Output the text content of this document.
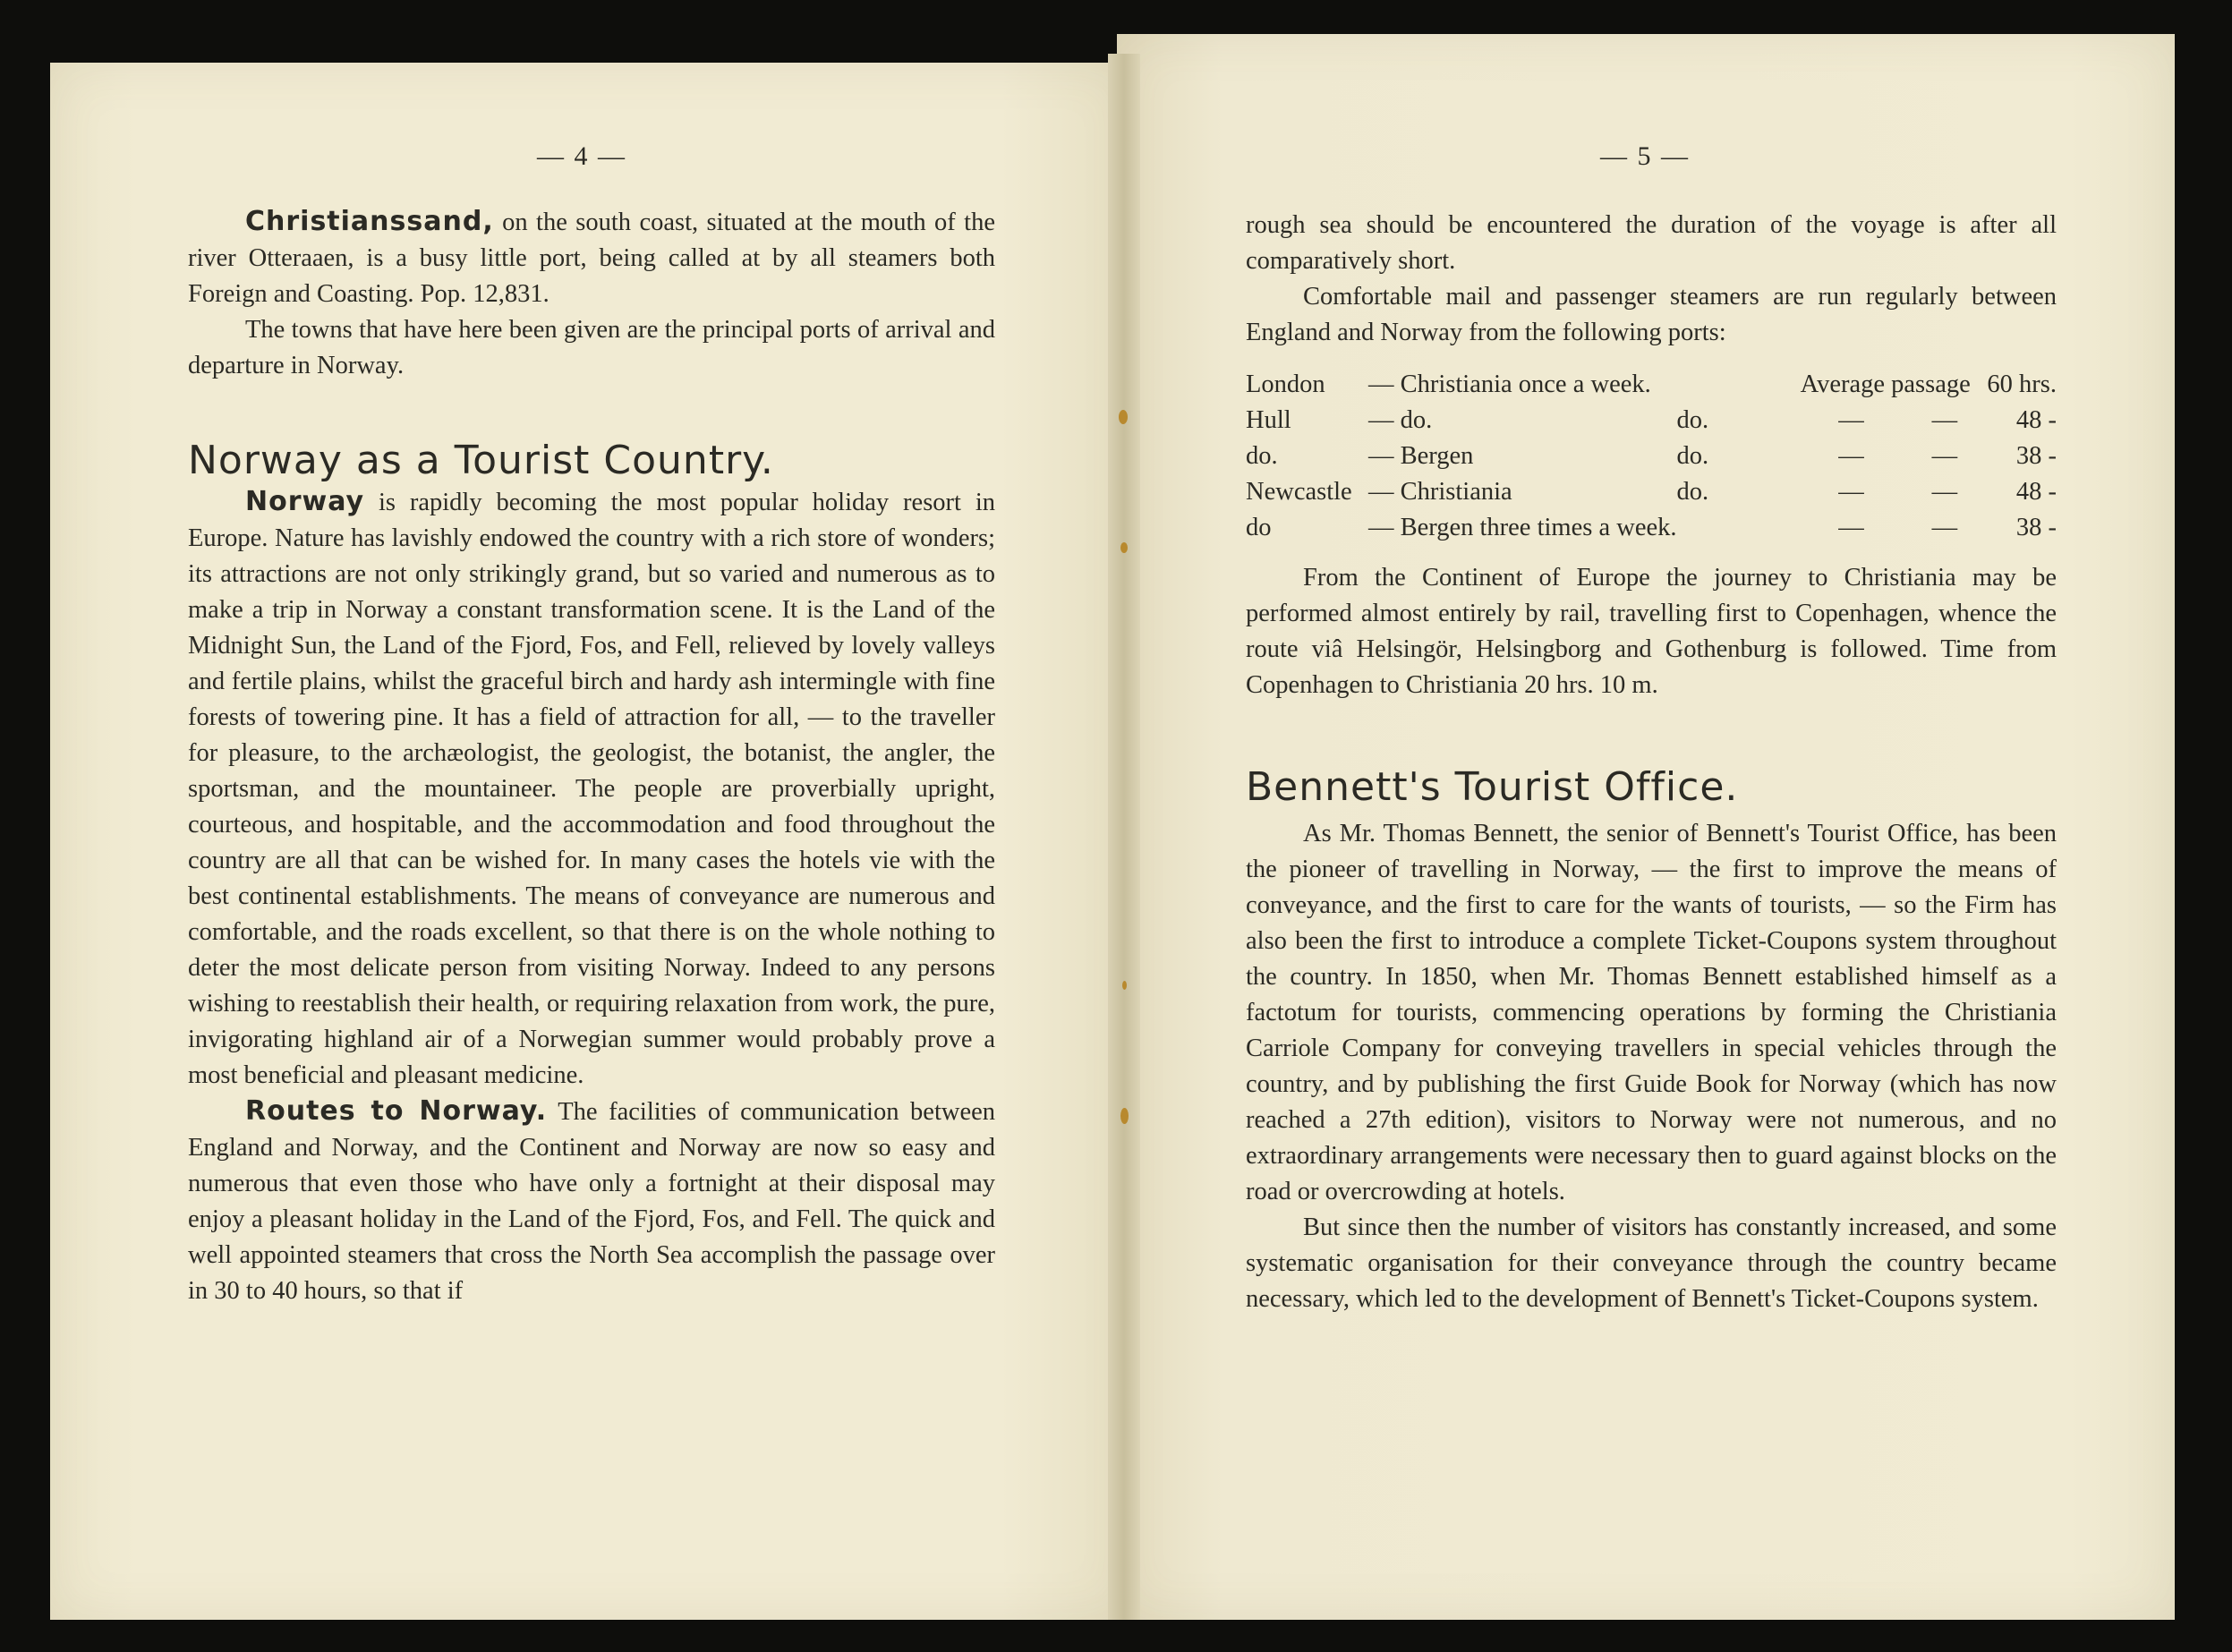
— 4 —

Christianssand, on the south coast, situated at the mouth of the river Otteraaen, is a busy little port, being called at by all steamers both Foreign and Coasting. Pop. 12,831.

The towns that have here been given are the principal ports of arrival and departure in Norway.

Norway as a Tourist Country.

Norway is rapidly becoming the most popular holiday resort in Europe. Nature has lavishly endowed the country with a rich store of wonders; its attractions are not only strikingly grand, but so varied and numerous as to make a trip in Norway a constant transformation scene. It is the Land of the Midnight Sun, the Land of the Fjord, Fos, and Fell, relieved by lovely valleys and fertile plains, whilst the graceful birch and hardy ash intermingle with fine forests of towering pine. It has a field of attraction for all, — to the traveller for pleasure, to the archæologist, the geologist, the botanist, the angler, the sportsman, and the mountaineer. The people are proverbially upright, courteous, and hospitable, and the accommodation and food throughout the country are all that can be wished for. In many cases the hotels vie with the best continental establishments. The means of conveyance are numerous and comfortable, and the roads excellent, so that there is on the whole nothing to deter the most delicate person from visiting Norway. Indeed to any persons wishing to reestablish their health, or requiring relaxation from work, the pure, invigorating highland air of a Norwegian summer would probably prove a most beneficial and pleasant medicine.

Routes to Norway. The facilities of communication between England and Norway, and the Continent and Norway are now so easy and numerous that even those who have only a fortnight at their disposal may enjoy a pleasant holiday in the Land of the Fjord, Fos, and Fell. The quick and well appointed steamers that cross the North Sea accomplish the passage over in 30 to 40 hours, so that if

— 5 —

rough sea should be encountered the duration of the voyage is after all comparatively short.

Comfortable mail and passenger steamers are run regularly between England and Norway from the following ports:

London	— Christiania once a week.		Average passage		60 hrs.
Hull	— do.	do.	—	—	48 -
do.	— Bergen	do.	—	—	38 -
Newcastle	— Christiania	do.	—	—	48 -
do	— Bergen three times a week.		—	—	38 -

From the Continent of Europe the journey to Christiania may be performed almost entirely by rail, travelling first to Copenhagen, whence the route viâ Helsingör, Helsingborg and Gothenburg is followed. Time from Copenhagen to Christiania 20 hrs. 10 m.

Bennett's Tourist Office.

As Mr. Thomas Bennett, the senior of Bennett's Tourist Office, has been the pioneer of travelling in Norway, — the first to improve the means of conveyance, and the first to care for the wants of tourists, — so the Firm has also been the first to introduce a complete Ticket-Coupons system throughout the country. In 1850, when Mr. Thomas Bennett established himself as a factotum for tourists, commencing operations by forming the Christiania Carriole Company for conveying travellers in special vehicles through the country, and by publishing the first Guide Book for Norway (which has now reached a 27th edition), visitors to Norway were not numerous, and no extraordinary arrangements were necessary then to guard against blocks on the road or overcrowding at hotels.

But since then the number of visitors has constantly increased, and some systematic organisation for their conveyance through the country became necessary, which led to the development of Bennett's Ticket-Coupons system.
